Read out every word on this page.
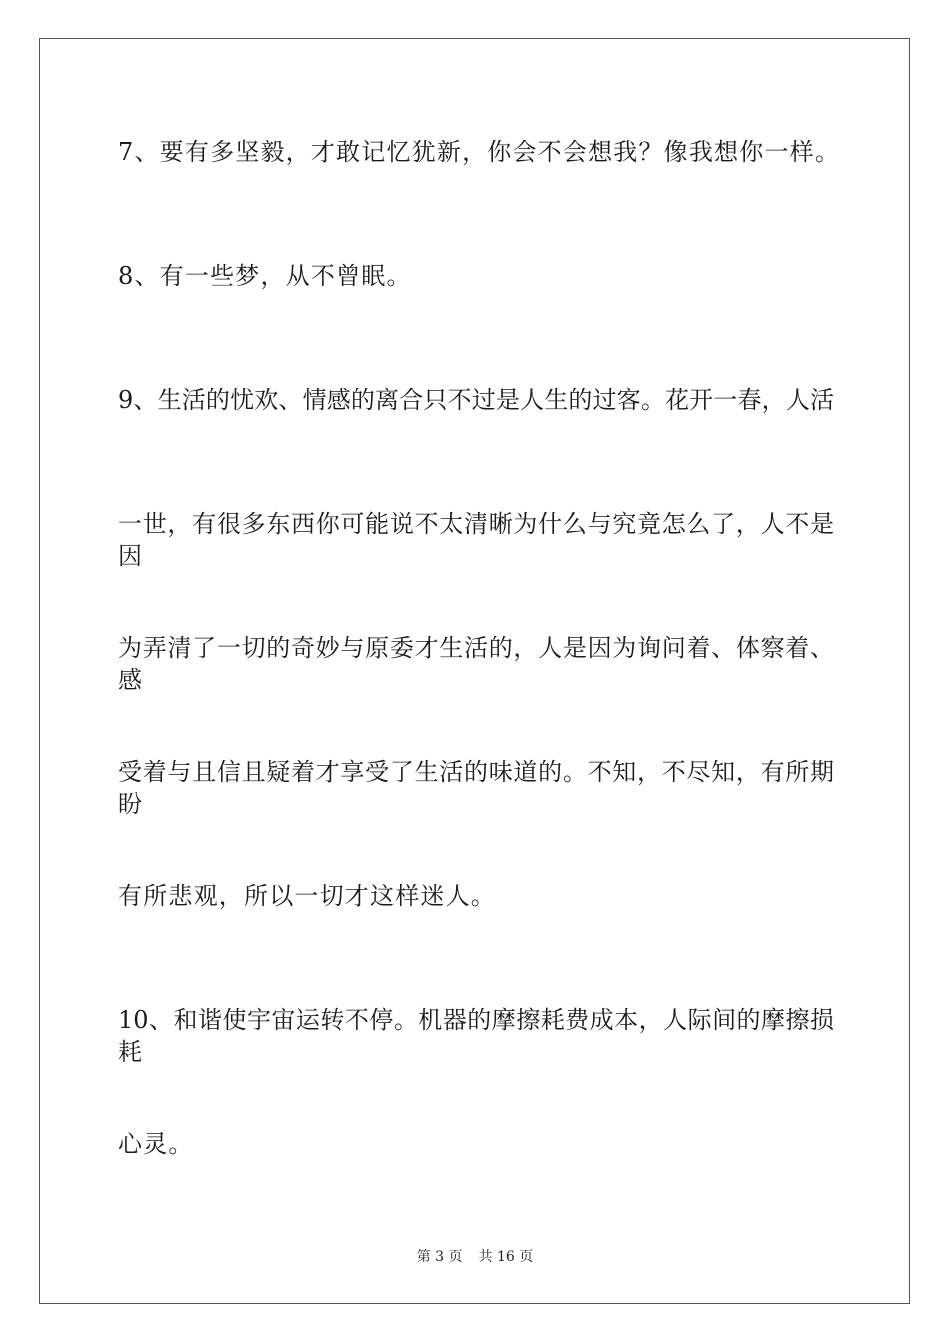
7、要有多坚毅，才敢记忆犹新，你会不会想我？像我想你一样。
8、有一些梦，从不曾眠。
9、生活的忧欢、情感的离合只不过是人生的过客。花开一春，人活
一世，有很多东西你可能说不太清晰为什么与究竟怎么了，人不是因
为弄清了一切的奇妙与原委才生活的，人是因为询问着、体察着、感
受着与且信且疑着才享受了生活的味道的。不知，不尽知，有所期盼
有所悲观，所以一切才这样迷人。
10、和谐使宇宙运转不停。机器的摩擦耗费成本，人际间的摩擦损耗
心灵。
第 3 页 共 16 页
